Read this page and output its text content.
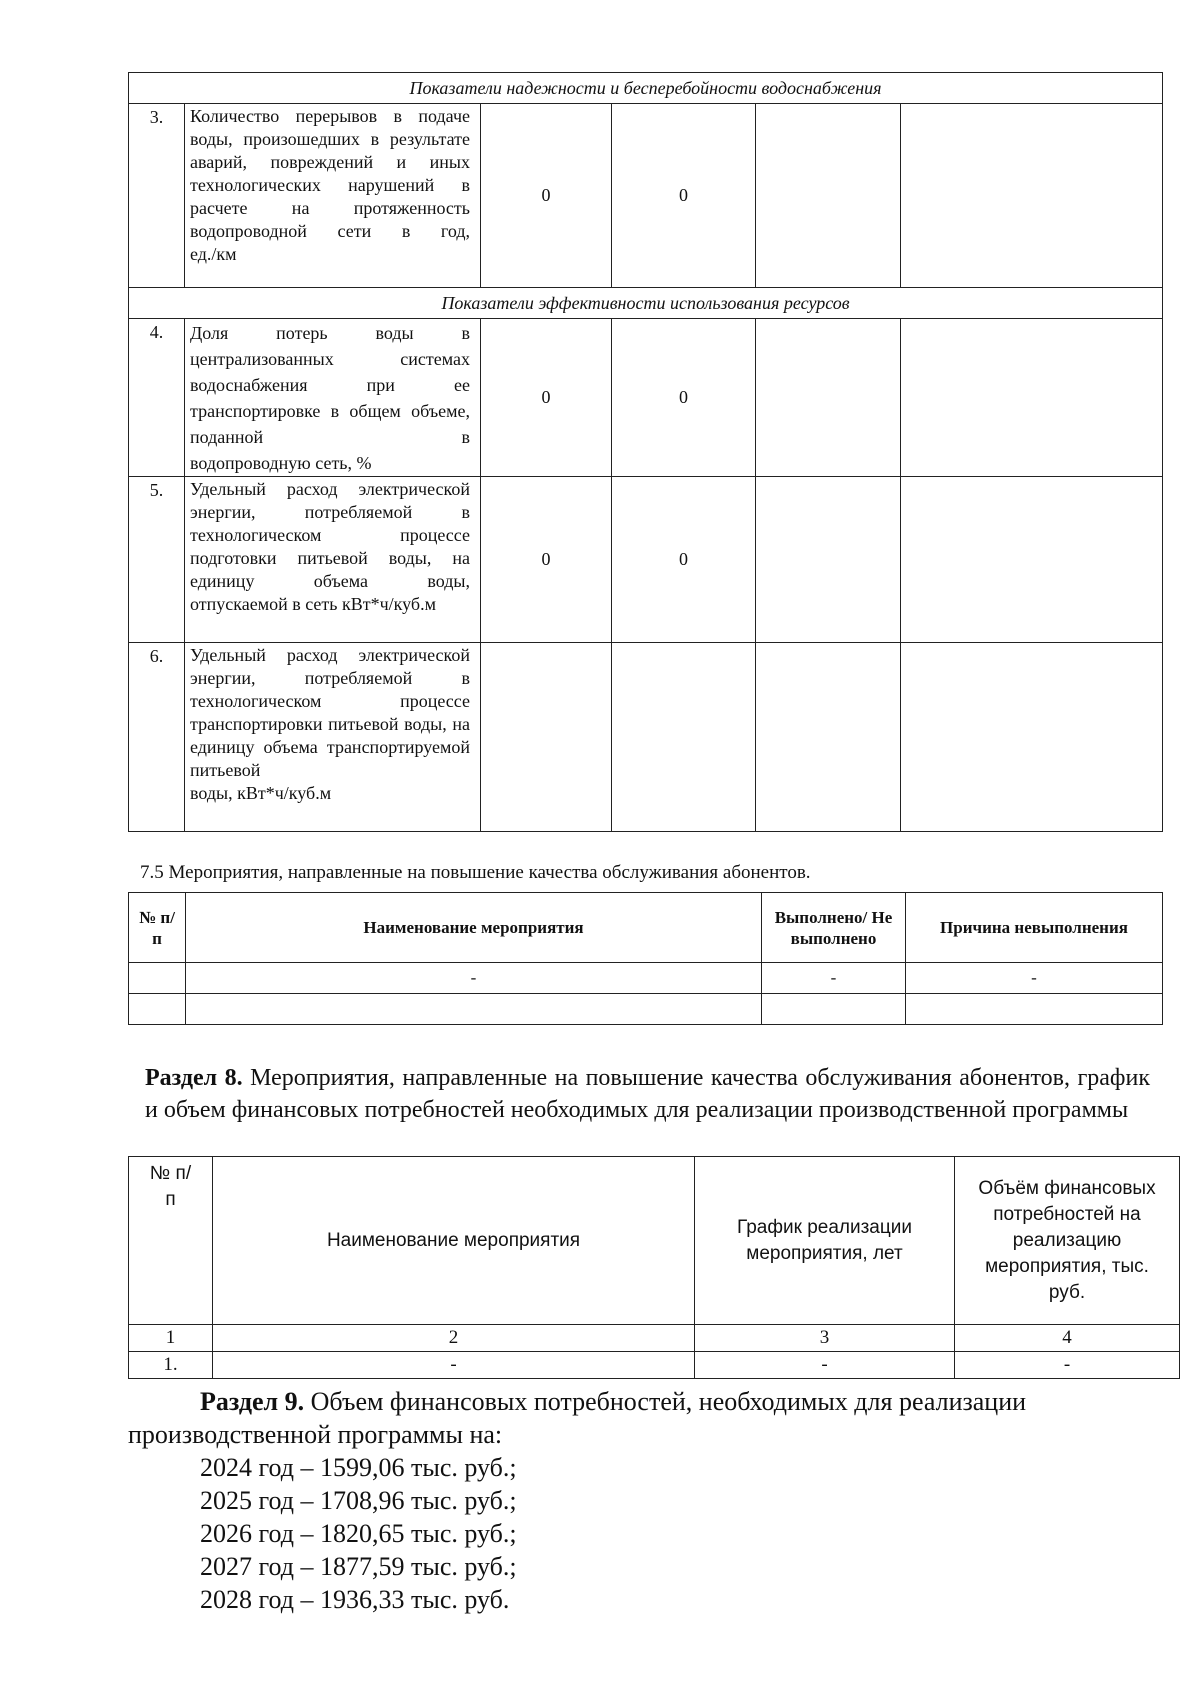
Показатели надежности и бесперебойности водоснабжения					
3.	Количество перерывов в подаче воды, произошедших в результате аварий, повреждений и иных технологических нарушений в расчете на протяженность водопроводной сети в год,
ед./км	0	0		
Показатели эффективности использования ресурсов					
4.	Доля потерь воды в централизованных системах водоснабжения при ее транспортировке в общем объеме, поданной в
водопроводную сеть, %	0	0		
5.	Удельный расход электрической энергии, потребляемой в технологическом процессе подготовки питьевой воды, на единицу объема воды,
отпускаемой в сеть кВт*ч/куб.м	0	0		
6.	Удельный расход электрической энергии, потребляемой в технологическом процессе транспортировки питьевой воды, на единицу объема транспортируемой питьевой
воды, кВт*ч/куб.м				

7.5 Мероприятия, направленные на повышение качества обслуживания абонентов.
№ п/п	Наименование мероприятия	Выполнено/ Не выполнено	Причина невыполнения
	-	-	-

Раздел 8. Мероприятия, направленные на повышение качества обслуживания абонентов, график и объем финансовых потребностей необходимых для реализации производственной программы
№ п/п	Наименование мероприятия	График реализации мероприятия, лет	Объём финансовых потребностей на реализацию мероприятия, тыс. руб.
1	2	3	4
1.	-	-	-
Раздел 9. Объем финансовых потребностей, необходимых для реализации производственной программы на:
2024 год – 1599,06 тыс. руб.;
2025 год – 1708,96 тыс. руб.;
2026 год – 1820,65 тыс. руб.;
2027 год – 1877,59 тыс. руб.;
2028 год – 1936,33 тыс. руб.
